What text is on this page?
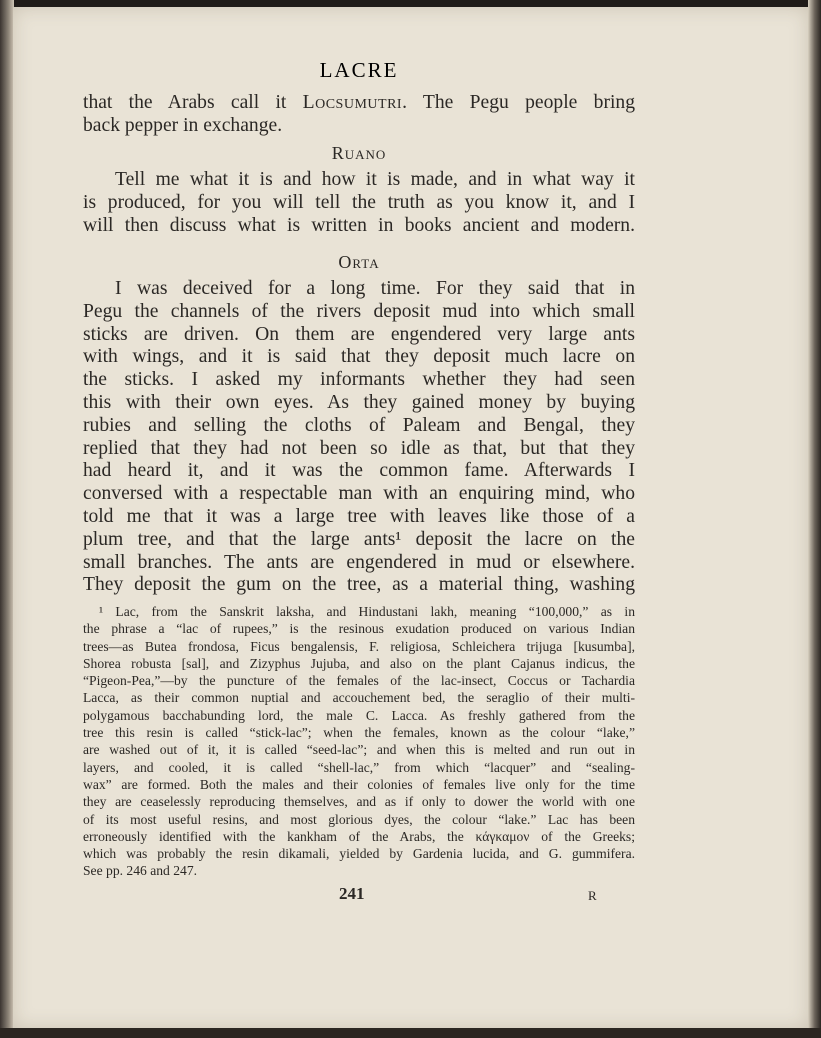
LACRE
that the Arabs call it Locsumutri. The Pegu people bring
back pepper in exchange.
Ruano
Tell me what it is and how it is made, and in what way it
is produced, for you will tell the truth as you know it, and I
will then discuss what is written in books ancient and modern.
Orta
I was deceived for a long time. For they said that in
Pegu the channels of the rivers deposit mud into which small
sticks are driven. On them are engendered very large ants
with wings, and it is said that they deposit much lacre on
the sticks. I asked my informants whether they had seen
this with their own eyes. As they gained money by buying
rubies and selling the cloths of Paleam and Bengal, they
replied that they had not been so idle as that, but that they
had heard it, and it was the common fame. Afterwards I
conversed with a respectable man with an enquiring mind, who
told me that it was a large tree with leaves like those of a
plum tree, and that the large ants¹ deposit the lacre on the
small branches. The ants are engendered in mud or elsewhere.
They deposit the gum on the tree, as a material thing, washing
¹ Lac, from the Sanskrit laksha, and Hindustani lakh, meaning “100,000,” as in
the phrase a “lac of rupees,” is the resinous exudation produced on various Indian
trees—as Butea frondosa, Ficus bengalensis, F. religiosa, Schleichera trijuga [kusumba],
Shorea robusta [sal], and Zizyphus Jujuba, and also on the plant Cajanus indicus, the
“Pigeon-Pea,”—by the puncture of the females of the lac-insect, Coccus or Tachardia
Lacca, as their common nuptial and accouchement bed, the seraglio of their multi-
polygamous bacchabunding lord, the male C. Lacca. As freshly gathered from the
tree this resin is called “stick-lac”; when the females, known as the colour “lake,”
are washed out of it, it is called “seed-lac”; and when this is melted and run out in
layers, and cooled, it is called “shell-lac,” from which “lacquer” and “sealing-
wax” are formed. Both the males and their colonies of females live only for the time
they are ceaselessly reproducing themselves, and as if only to dower the world with one
of its most useful resins, and most glorious dyes, the colour “lake.” Lac has been
erroneously identified with the kankham of the Arabs, the κάγκαμον of the Greeks;
which was probably the resin dikamali, yielded by Gardenia lucida, and G. gummifera.
See pp. 246 and 247.
241	R
